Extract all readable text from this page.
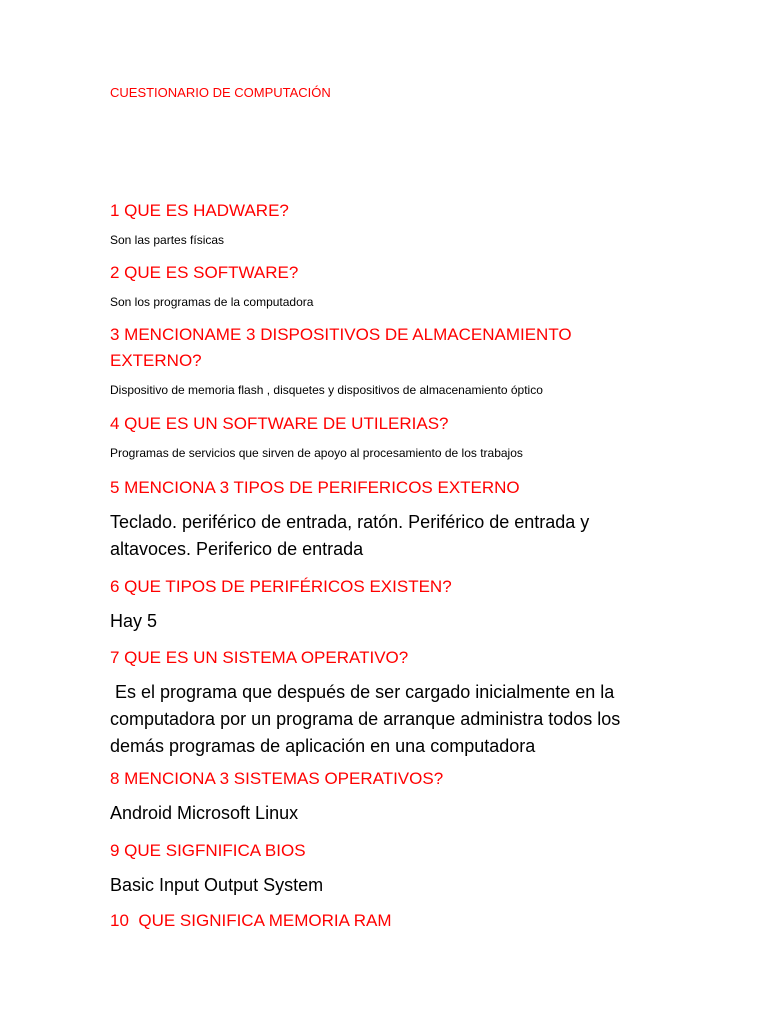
CUESTIONARIO DE COMPUTACIÓN
1 QUE ES HADWARE?
Son las partes físicas
2 QUE ES SOFTWARE?
Son los programas de la computadora
3 MENCIONAME 3 DISPOSITIVOS DE ALMACENAMIENTO EXTERNO?
Dispositivo de memoria flash , disquetes y dispositivos de almacenamiento óptico
4 QUE ES UN SOFTWARE DE UTILERIAS?
Programas de servicios que sirven de apoyo al procesamiento de los trabajos
5 MENCIONA 3 TIPOS DE PERIFERICOS EXTERNO
Teclado. periférico de entrada, ratón. Periférico de entrada y altavoces. Periferico de entrada
6 QUE TIPOS DE PERIFÉRICOS EXISTEN?
Hay 5
7 QUE ES UN SISTEMA OPERATIVO?
Es el programa que después de ser cargado inicialmente en la computadora por un programa de arranque administra todos los demás programas de aplicación en una computadora
8 MENCIONA 3 SISTEMAS OPERATIVOS?
Android Microsoft Linux
9 QUE SIGFNIFICA BIOS
Basic Input Output System
10  QUE SIGNIFICA MEMORIA RAM
